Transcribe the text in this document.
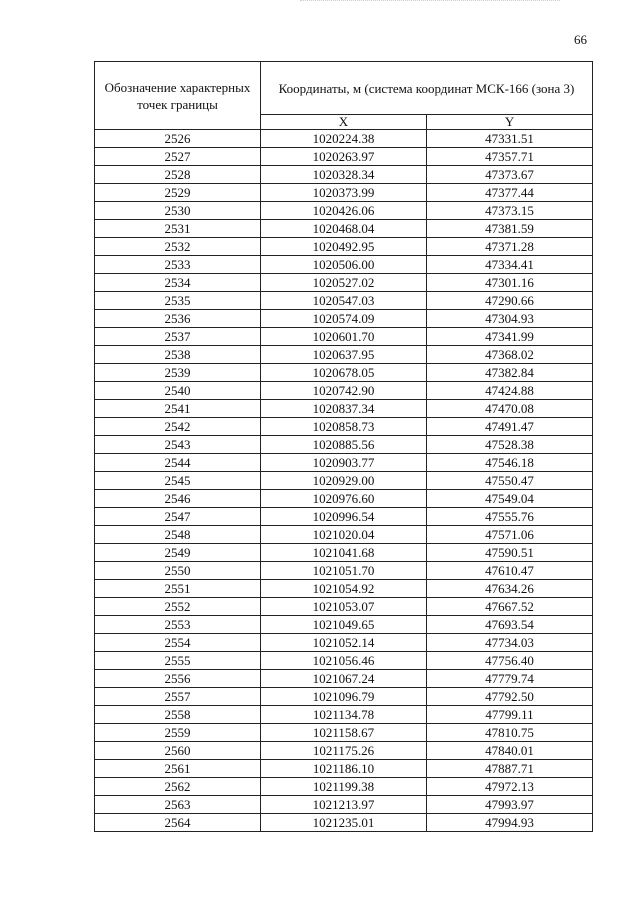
66
Обозначение характерных точек границы	Координаты, м (система координат МСК-166 (зона 3)	
	X	Y
2526	1020224.38	47331.51
2527	1020263.97	47357.71
2528	1020328.34	47373.67
2529	1020373.99	47377.44
2530	1020426.06	47373.15
2531	1020468.04	47381.59
2532	1020492.95	47371.28
2533	1020506.00	47334.41
2534	1020527.02	47301.16
2535	1020547.03	47290.66
2536	1020574.09	47304.93
2537	1020601.70	47341.99
2538	1020637.95	47368.02
2539	1020678.05	47382.84
2540	1020742.90	47424.88
2541	1020837.34	47470.08
2542	1020858.73	47491.47
2543	1020885.56	47528.38
2544	1020903.77	47546.18
2545	1020929.00	47550.47
2546	1020976.60	47549.04
2547	1020996.54	47555.76
2548	1021020.04	47571.06
2549	1021041.68	47590.51
2550	1021051.70	47610.47
2551	1021054.92	47634.26
2552	1021053.07	47667.52
2553	1021049.65	47693.54
2554	1021052.14	47734.03
2555	1021056.46	47756.40
2556	1021067.24	47779.74
2557	1021096.79	47792.50
2558	1021134.78	47799.11
2559	1021158.67	47810.75
2560	1021175.26	47840.01
2561	1021186.10	47887.71
2562	1021199.38	47972.13
2563	1021213.97	47993.97
2564	1021235.01	47994.93
